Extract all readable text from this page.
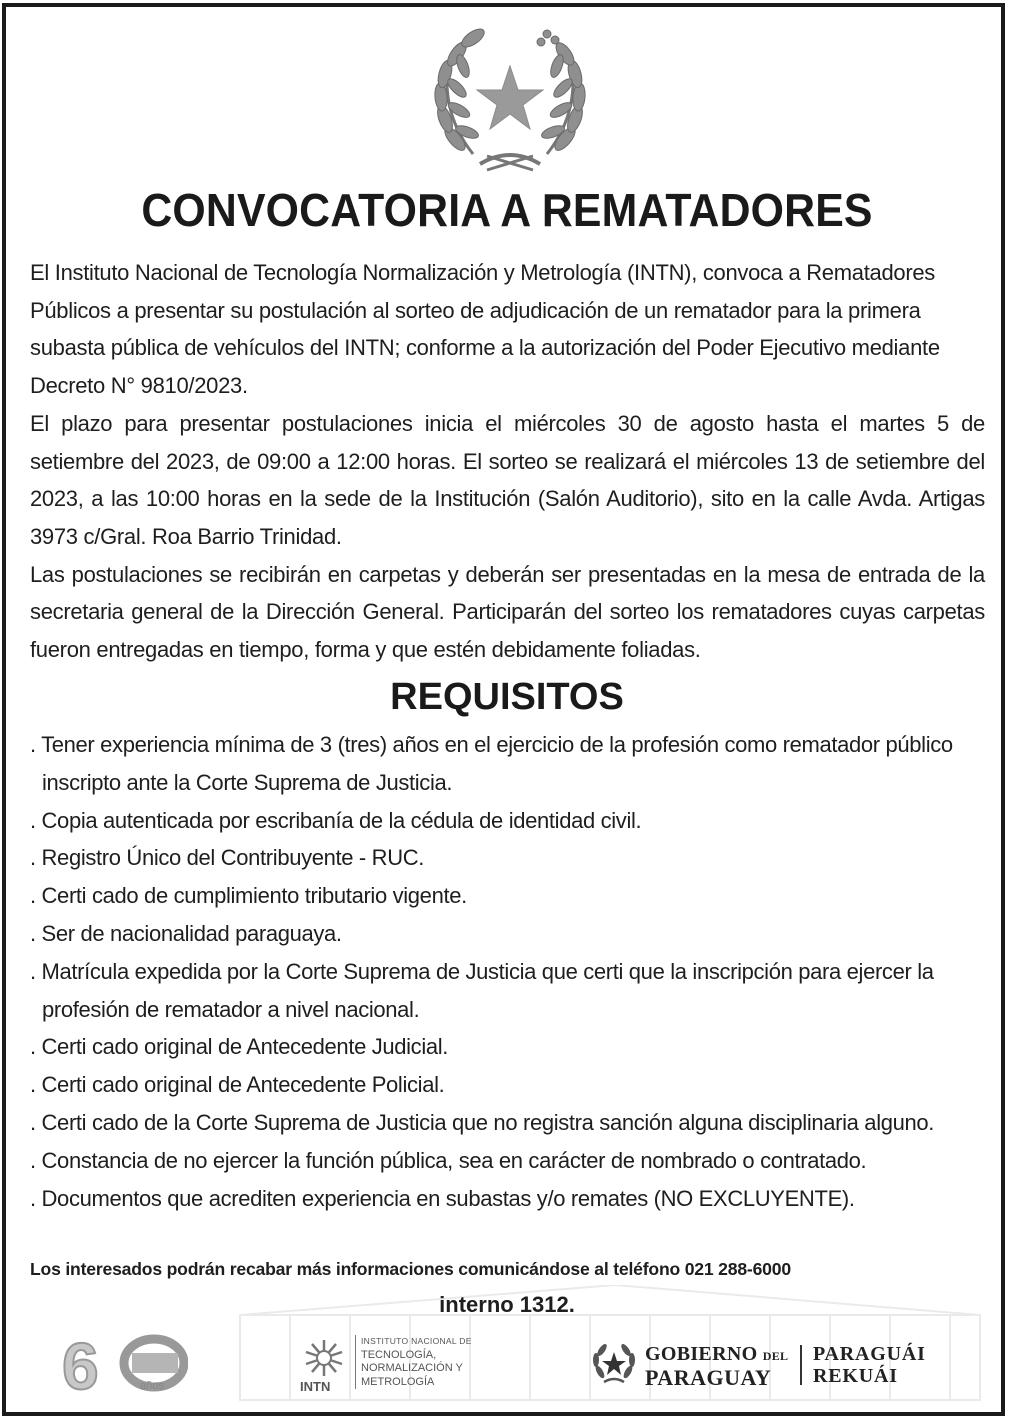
CONVOCATORIA A REMATADORES

El Instituto Nacional de Tecnología Normalización y Metrología (INTN), convoca a Rematadores Públicos a presentar su postulación al sorteo de adjudicación de un rematador para la primera subasta pública de vehículos del INTN; conforme a la autorización del Poder Ejecutivo mediante Decreto N° 9810/2023.

El plazo para presentar postulaciones inicia el miércoles 30 de agosto hasta el martes 5 de setiembre del 2023, de 09:00 a 12:00 horas. El sorteo se realizará el miércoles 13 de setiembre del 2023, a las 10:00 horas en la sede de la Institución (Salón Auditorio), sito en la calle Avda. Artigas 3973 c/Gral. Roa Barrio Trinidad.

Las postulaciones se recibirán en carpetas y deberán ser presentadas en la mesa de entrada de la secretaria general de la Dirección General. Participarán del sorteo los rematadores cuyas carpetas fueron entregadas en tiempo, forma y que estén debidamente foliadas.

REQUISITOS
. Tener experiencia mínima de 3 (tres) años en el ejercicio de la profesión como rematador público inscripto ante la Corte Suprema de Justicia.
. Copia autenticada por escribanía de la cédula de identidad civil.
. Registro Único del Contribuyente - RUC.
. Certi cado de cumplimiento tributario vigente.
. Ser de nacionalidad paraguaya.
. Matrícula expedida por la Corte Suprema de Justicia que certi que la inscripción para ejercer la profesión de rematador a nivel nacional.
. Certi cado original de Antecedente Judicial.
. Certi cado original de Antecedente Policial.
. Certi cado de la Corte Suprema de Justicia que no registra sanción alguna disciplinaria alguno.
. Constancia de no ejercer la función pública, sea en carácter de nombrado o contratado.
. Documentos que acrediten experiencia en subastas y/o remates (NO EXCLUYENTE).
Los interesados podrán recabar más informaciones comunicándose al teléfono 021 288-6000
interno 1312.
6	años	INTN
INSTITUTO NACIONAL DE
TECNOLOGÍA,
NORMALIZACIÓN Y
METROLOGÍA
GOBIERNO DEL
PARAGUAY
PARAGUÁI
REKUÁI
